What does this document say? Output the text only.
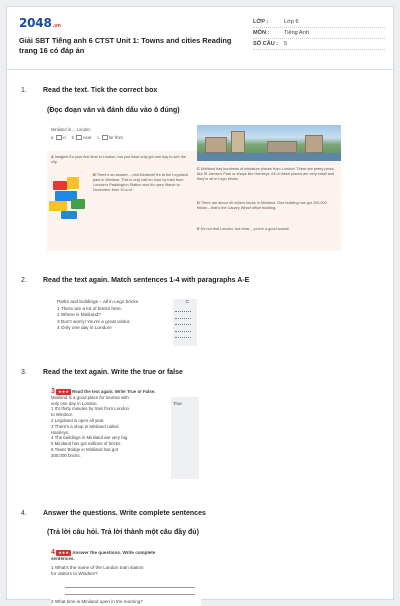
2048.vn
Giải SBT Tiếng anh 6 CTST Unit 1: Towns and cities Reading trang 16 có đáp án
LỚP :	Lớp 6
MÔN :	Tiếng Anh
SỐ CÂU :	5
1. Read the text. Tick the correct box
(Đọc đoạn văn và đánh dấu vào ô đúng)
Miniland is ... London
a in b near c far from
A Imagine it's your first time in London, but you have only got one day to see the city.
B There's an answer – visit Miniland! It's at the Legoland park in Windsor. This is only half an hour by train from London's Paddington Station and it's open March to November from 10 a.m.
C Miniland has hundreds of miniature places from London! There are pretty parks like St James's Park or shops like Hamleys. All of these places are very small and they're all in Lego bricks.
D There are about 40 million bricks in Miniland. One building has got 200,000 bricks – that's the Canary Wharf office building.
E It's not real London, but relax – you're a good tourist!
2. Read the text again. Match sentences 1-4 with paragraphs A-E
Parks and buildings – all in Lego bricks.	C
1 There are a lot of bricks here.
2 Where is Miniland?
3 Don't worry! You're a great visitor.
4 Only one day in London!
3. Read the text again. Write the true or false
3 ★★★ Read the text again. Write True or False.
Miniland is a good place for tourists with
only one day in London.	True
1 It's thirty minutes by train from London
to Windsor.
2 Legoland is open all year.
3 There's a shop in Miniland called
Hamleys.
4 The buildings in Miniland are very big.
5 Miniland has got millions of bricks.
6 Tower Bridge in Miniland has got
200,000 bricks.
4. Answer the questions. Write complete sentences
(Trả lời câu hỏi. Trả lời thành một câu đầy đủ)
4 ★★★ Answer the questions. Write complete
sentences.
1 What's the name of the London train station
for visitors to Windsor?
2 What time is Miniland open in the morning?
